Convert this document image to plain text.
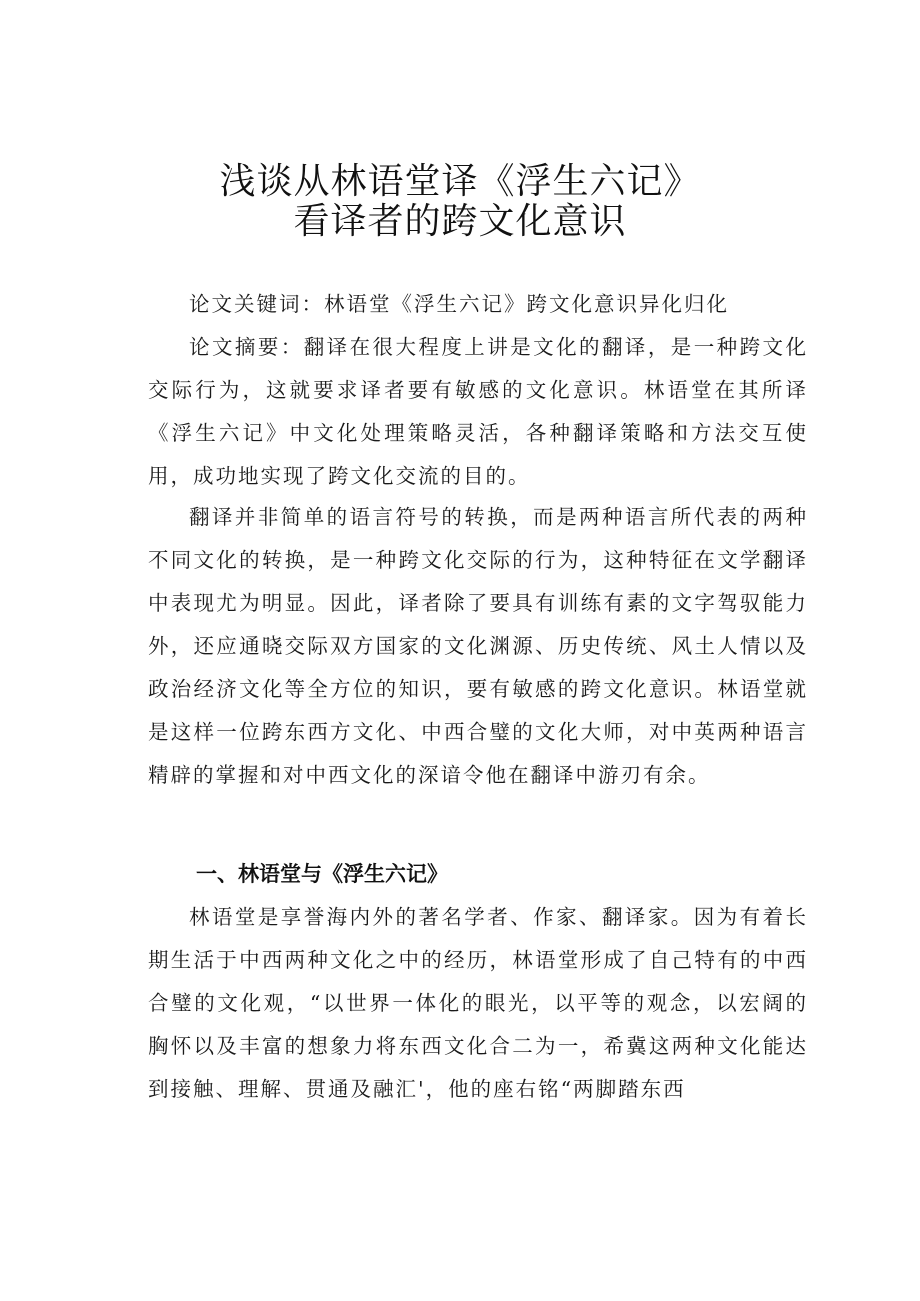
浅谈从林语堂译《浮生六记》
看译者的跨文化意识

论文关键词：林语堂《浮生六记》跨文化意识异化归化

论文摘要：翻译在很大程度上讲是文化的翻译，是一种跨文化交际行为，这就要求译者要有敏感的文化意识。林语堂在其所译《浮生六记》中文化处理策略灵活，各种翻译策略和方法交互使用，成功地实现了跨文化交流的目的。

翻译并非简单的语言符号的转换，而是两种语言所代表的两种不同文化的转换，是一种跨文化交际的行为，这种特征在文学翻译中表现尤为明显。因此，译者除了要具有训练有素的文字驾驭能力外，还应通晓交际双方国家的文化渊源、历史传统、风土人情以及政治经济文化等全方位的知识，要有敏感的跨文化意识。林语堂就是这样一位跨东西方文化、中西合璧的文化大师，对中英两种语言精辟的掌握和对中西文化的深谙令他在翻译中游刃有余。

一、林语堂与《浮生六记》

林语堂是享誉海内外的著名学者、作家、翻译家。因为有着长期生活于中西两种文化之中的经历，林语堂形成了自己特有的中西合璧的文化观，“以世界一体化的眼光，以平等的观念，以宏阔的胸怀以及丰富的想象力将东西文化合二为一，希冀这两种文化能达到接触、理解、贯通及融汇'，他的座右铭“两脚踏东西
